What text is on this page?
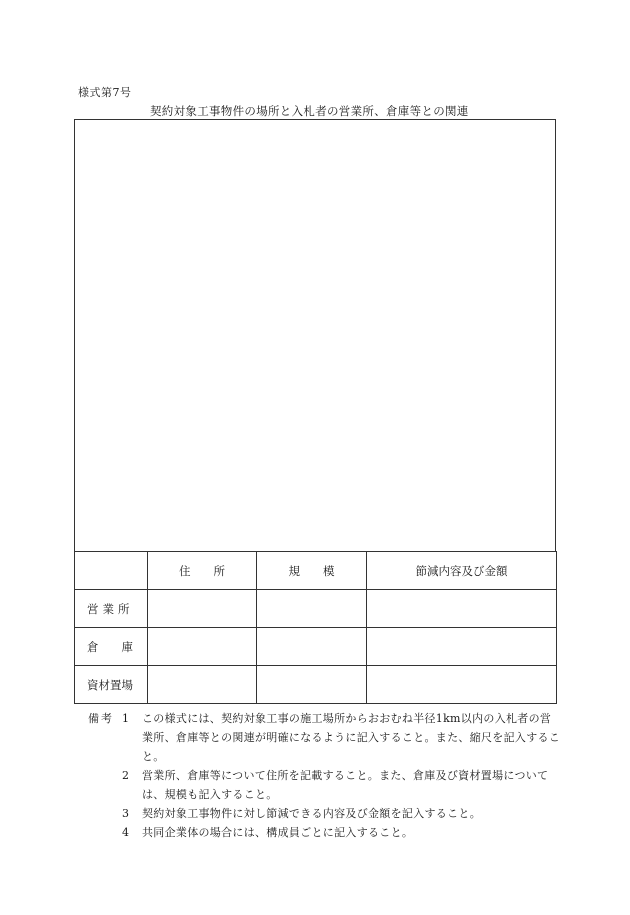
様式第7号
契約対象工事物件の場所と入札者の営業所、倉庫等との関連
	住　　所	規　　模	節減内容及び金額
営業所			
倉　　庫			
資材置場			
備考 1 この様式には、契約対象工事の施工場所からおおむね半径1km以内の入札者の営業所、倉庫等との関連が明確になるように記入すること。また、縮尺を記入すること。
2 営業所、倉庫等について住所を記載すること。また、倉庫及び資材置場については、規模も記入すること。
3 契約対象工事物件に対し節減できる内容及び金額を記入すること。
4 共同企業体の場合には、構成員ごとに記入すること。
